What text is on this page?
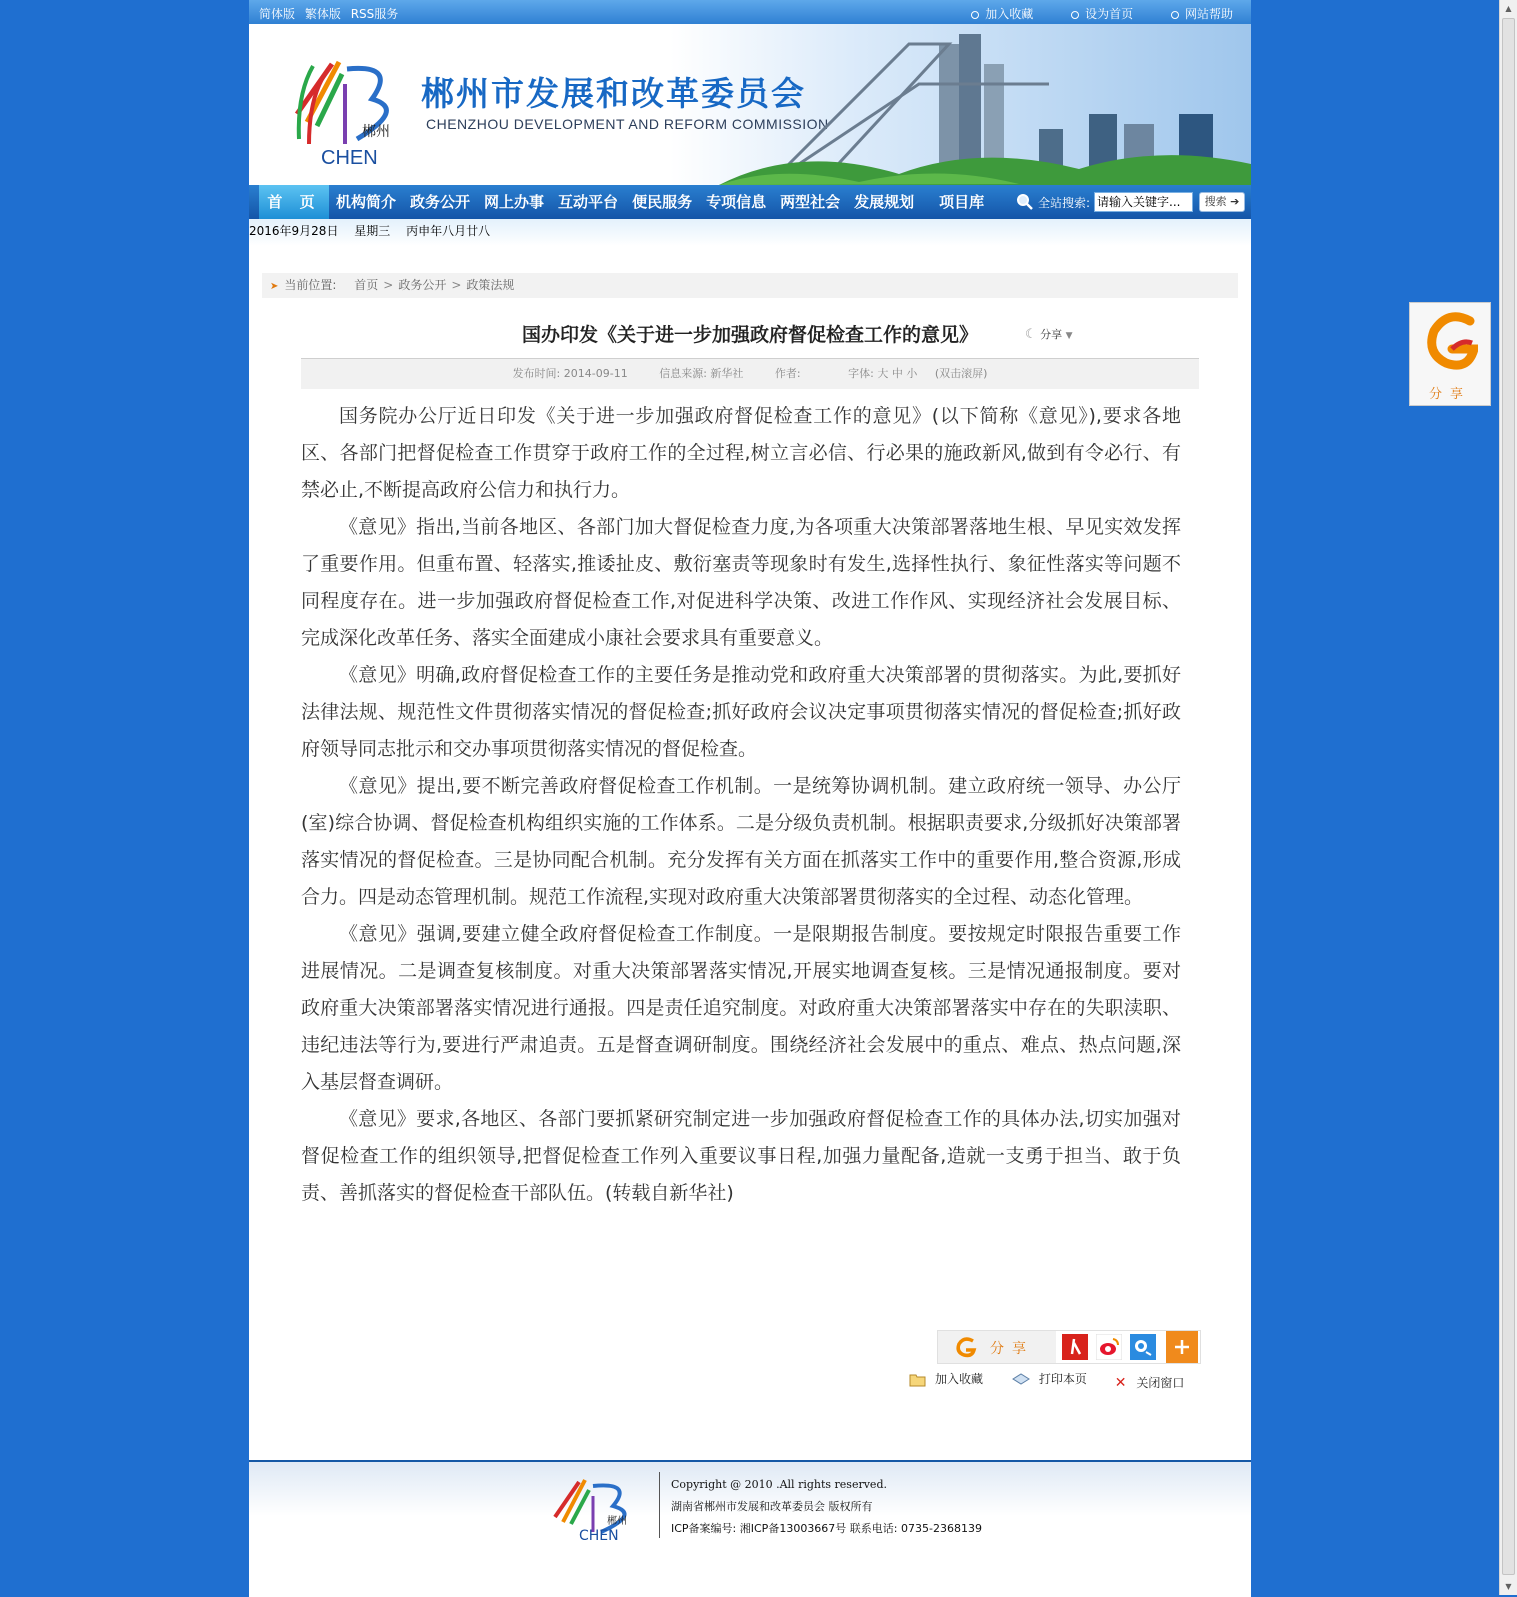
▲
▼
简体版 繁体版 RSS服务	加入收藏	设为首页	网站帮助
郴州
CHEN
郴州市发展和改革委员会
CHENZHOU DEVELOPMENT AND REFORM COMMISSION
首 页	机构简介 政务公开 网上办事 互动平台 便民服务 专项信息 两型社会 发展规划	项目库	全站搜索: 请输入关键字...	搜索 ➔
2016年9月28日 星期三 丙申年八月廿八
➤ 当前位置: 首页 > 政务公开 > 政策法规
国办印发《关于进一步加强政府督促检查工作的意见》	☾ 分享 ▼
发布时间: 2014-09-11	信息来源: 新华社	作者:	字体: 大 中 小 (双击滚屏)

国务院办公厅近日印发《关于进一步加强政府督促检查工作的意见》(以下简称《意见》),要求各地区、各部门把督促检查工作贯穿于政府工作的全过程,树立言必信、行必果的施政新风,做到有令必行、有禁必止,不断提高政府公信力和执行力。

《意见》指出,当前各地区、各部门加大督促检查力度,为各项重大决策部署落地生根、早见实效发挥了重要作用。但重布置、轻落实,推诿扯皮、敷衍塞责等现象时有发生,选择性执行、象征性落实等问题不同程度存在。进一步加强政府督促检查工作,对促进科学决策、改进工作作风、实现经济社会发展目标、完成深化改革任务、落实全面建成小康社会要求具有重要意义。

《意见》明确,政府督促检查工作的主要任务是推动党和政府重大决策部署的贯彻落实。为此,要抓好法律法规、规范性文件贯彻落实情况的督促检查;抓好政府会议决定事项贯彻落实情况的督促检查;抓好政府领导同志批示和交办事项贯彻落实情况的督促检查。

《意见》提出,要不断完善政府督促检查工作机制。一是统筹协调机制。建立政府统一领导、办公厅(室)综合协调、督促检查机构组织实施的工作体系。二是分级负责机制。根据职责要求,分级抓好决策部署落实情况的督促检查。三是协同配合机制。充分发挥有关方面在抓落实工作中的重要作用,整合资源,形成合力。四是动态管理机制。规范工作流程,实现对政府重大决策部署贯彻落实的全过程、动态化管理。

《意见》强调,要建立健全政府督促检查工作制度。一是限期报告制度。要按规定时限报告重要工作进展情况。二是调查复核制度。对重大决策部署落实情况,开展实地调查复核。三是情况通报制度。要对政府重大决策部署落实情况进行通报。四是责任追究制度。对政府重大决策部署落实中存在的失职渎职、违纪违法等行为,要进行严肃追责。五是督查调研制度。围绕经济社会发展中的重点、难点、热点问题,深入基层督查调研。

《意见》要求,各地区、各部门要抓紧研究制定进一步加强政府督促检查工作的具体办法,切实加强对督促检查工作的组织领导,把督促检查工作列入重要议事日程,加强力量配备,造就一支勇于担当、敢于负责、善抓落实的督促检查干部队伍。(转载自新华社)

分享
加入收藏
	打印本页
✕ 关闭窗口
郴州
CHEN
Copyright @ 2010 .All rights reserved.
湖南省郴州市发展和改革委员会 版权所有
ICP备案编号: 湘ICP备13003667号 联系电话: 0735-2368139
分享
